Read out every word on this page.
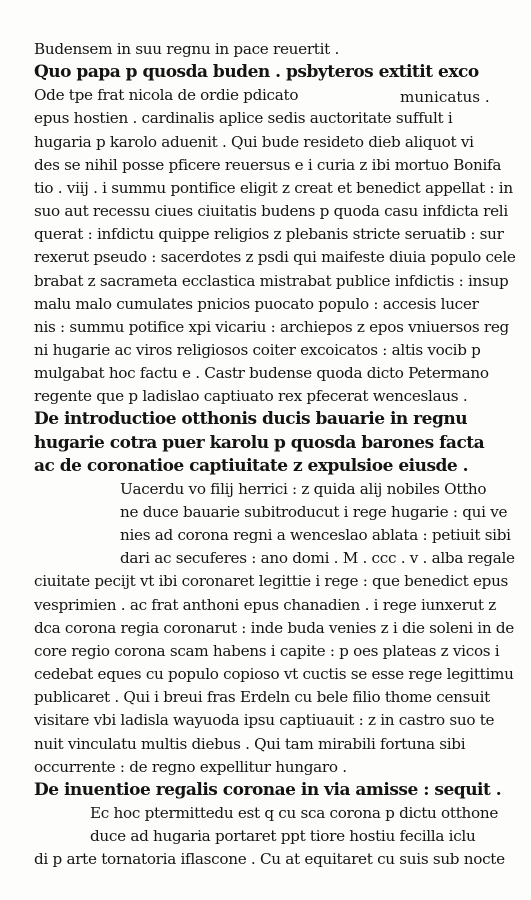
Budensem in suu regnu in pace reuertit .
Quo papa p quosda buden . psbyteros extitit exco
Ode tpe frat nicola de ordie pdicato	municatus .
epus hostien . cardinalis aplice sedis auctoritate suffult i
hugaria p karolo aduenit . Qui bude resideto dieb aliquot vi
des se nihil posse pficere reuersus e i curia z ibi mortuo Bonifa
tio . viij . i summu pontifice eligit z creat et benedict appellat : in
suo aut recessu ciues ciuitatis budens p quoda casu infdicta reli
querat : infdictu quippe religios z plebanis stricte seruatib : sur
rexerut pseudo : sacerdotes z psdi qui maifeste diuia populo cele
brabat z sacrameta ecclastica mistrabat publice infdictis : insup
malu malo cumulates pnicios puocato populo : accesis lucer
nis : summu potifice xpi vicariu : archiepos z epos vniuersos reg
ni hugarie ac viros religiosos coiter excoicatos : altis vocib p
mulgabat hoc factu e . Castr budense quoda dicto Petermano
regente que p ladislao captiuato rex pfecerat wenceslaus .
De introductioe otthonis ducis bauarie in regnu
hugarie cotra puer karolu p quosda barones facta
ac de coronatioe captiuitate z expulsioe eiusde .
Uacerdu vo filij herrici : z quida alij nobiles Ottho
ne duce bauarie subitroducut i rege hugarie : qui ve
nies ad corona regni a wenceslao ablata : petiuit sibi
dari ac secuferes : ano domi . M . ccc . v . alba regale
ciuitate pecijt vt ibi coronaret legittie i rege : que benedict epus
vesprimien . ac frat anthoni epus chanadien . i rege iunxerut z
dca corona regia coronarut : inde buda venies z i die soleni in de
core regio corona scam habens i capite : p oes plateas z vicos i
cedebat eques cu populo copioso vt cuctis se esse rege legittimu
publicaret . Qui i breui fras Erdeln cu bele filio thome censuit
visitare vbi ladisla wayuoda ipsu captiuauit : z in castro suo te
nuit vinculatu multis diebus . Qui tam mirabili fortuna sibi
occurrente : de regno expellitur hungaro .
De inuentioe regalis coronae in via amisse : sequit .
Ec hoc ptermittedu est q cu sca corona p dictu otthone
duce ad hugaria portaret ppt tiore hostiu fecilla iclu
di p arte tornatoria iflascone . Cu at equitaret cu suis sub nocte
